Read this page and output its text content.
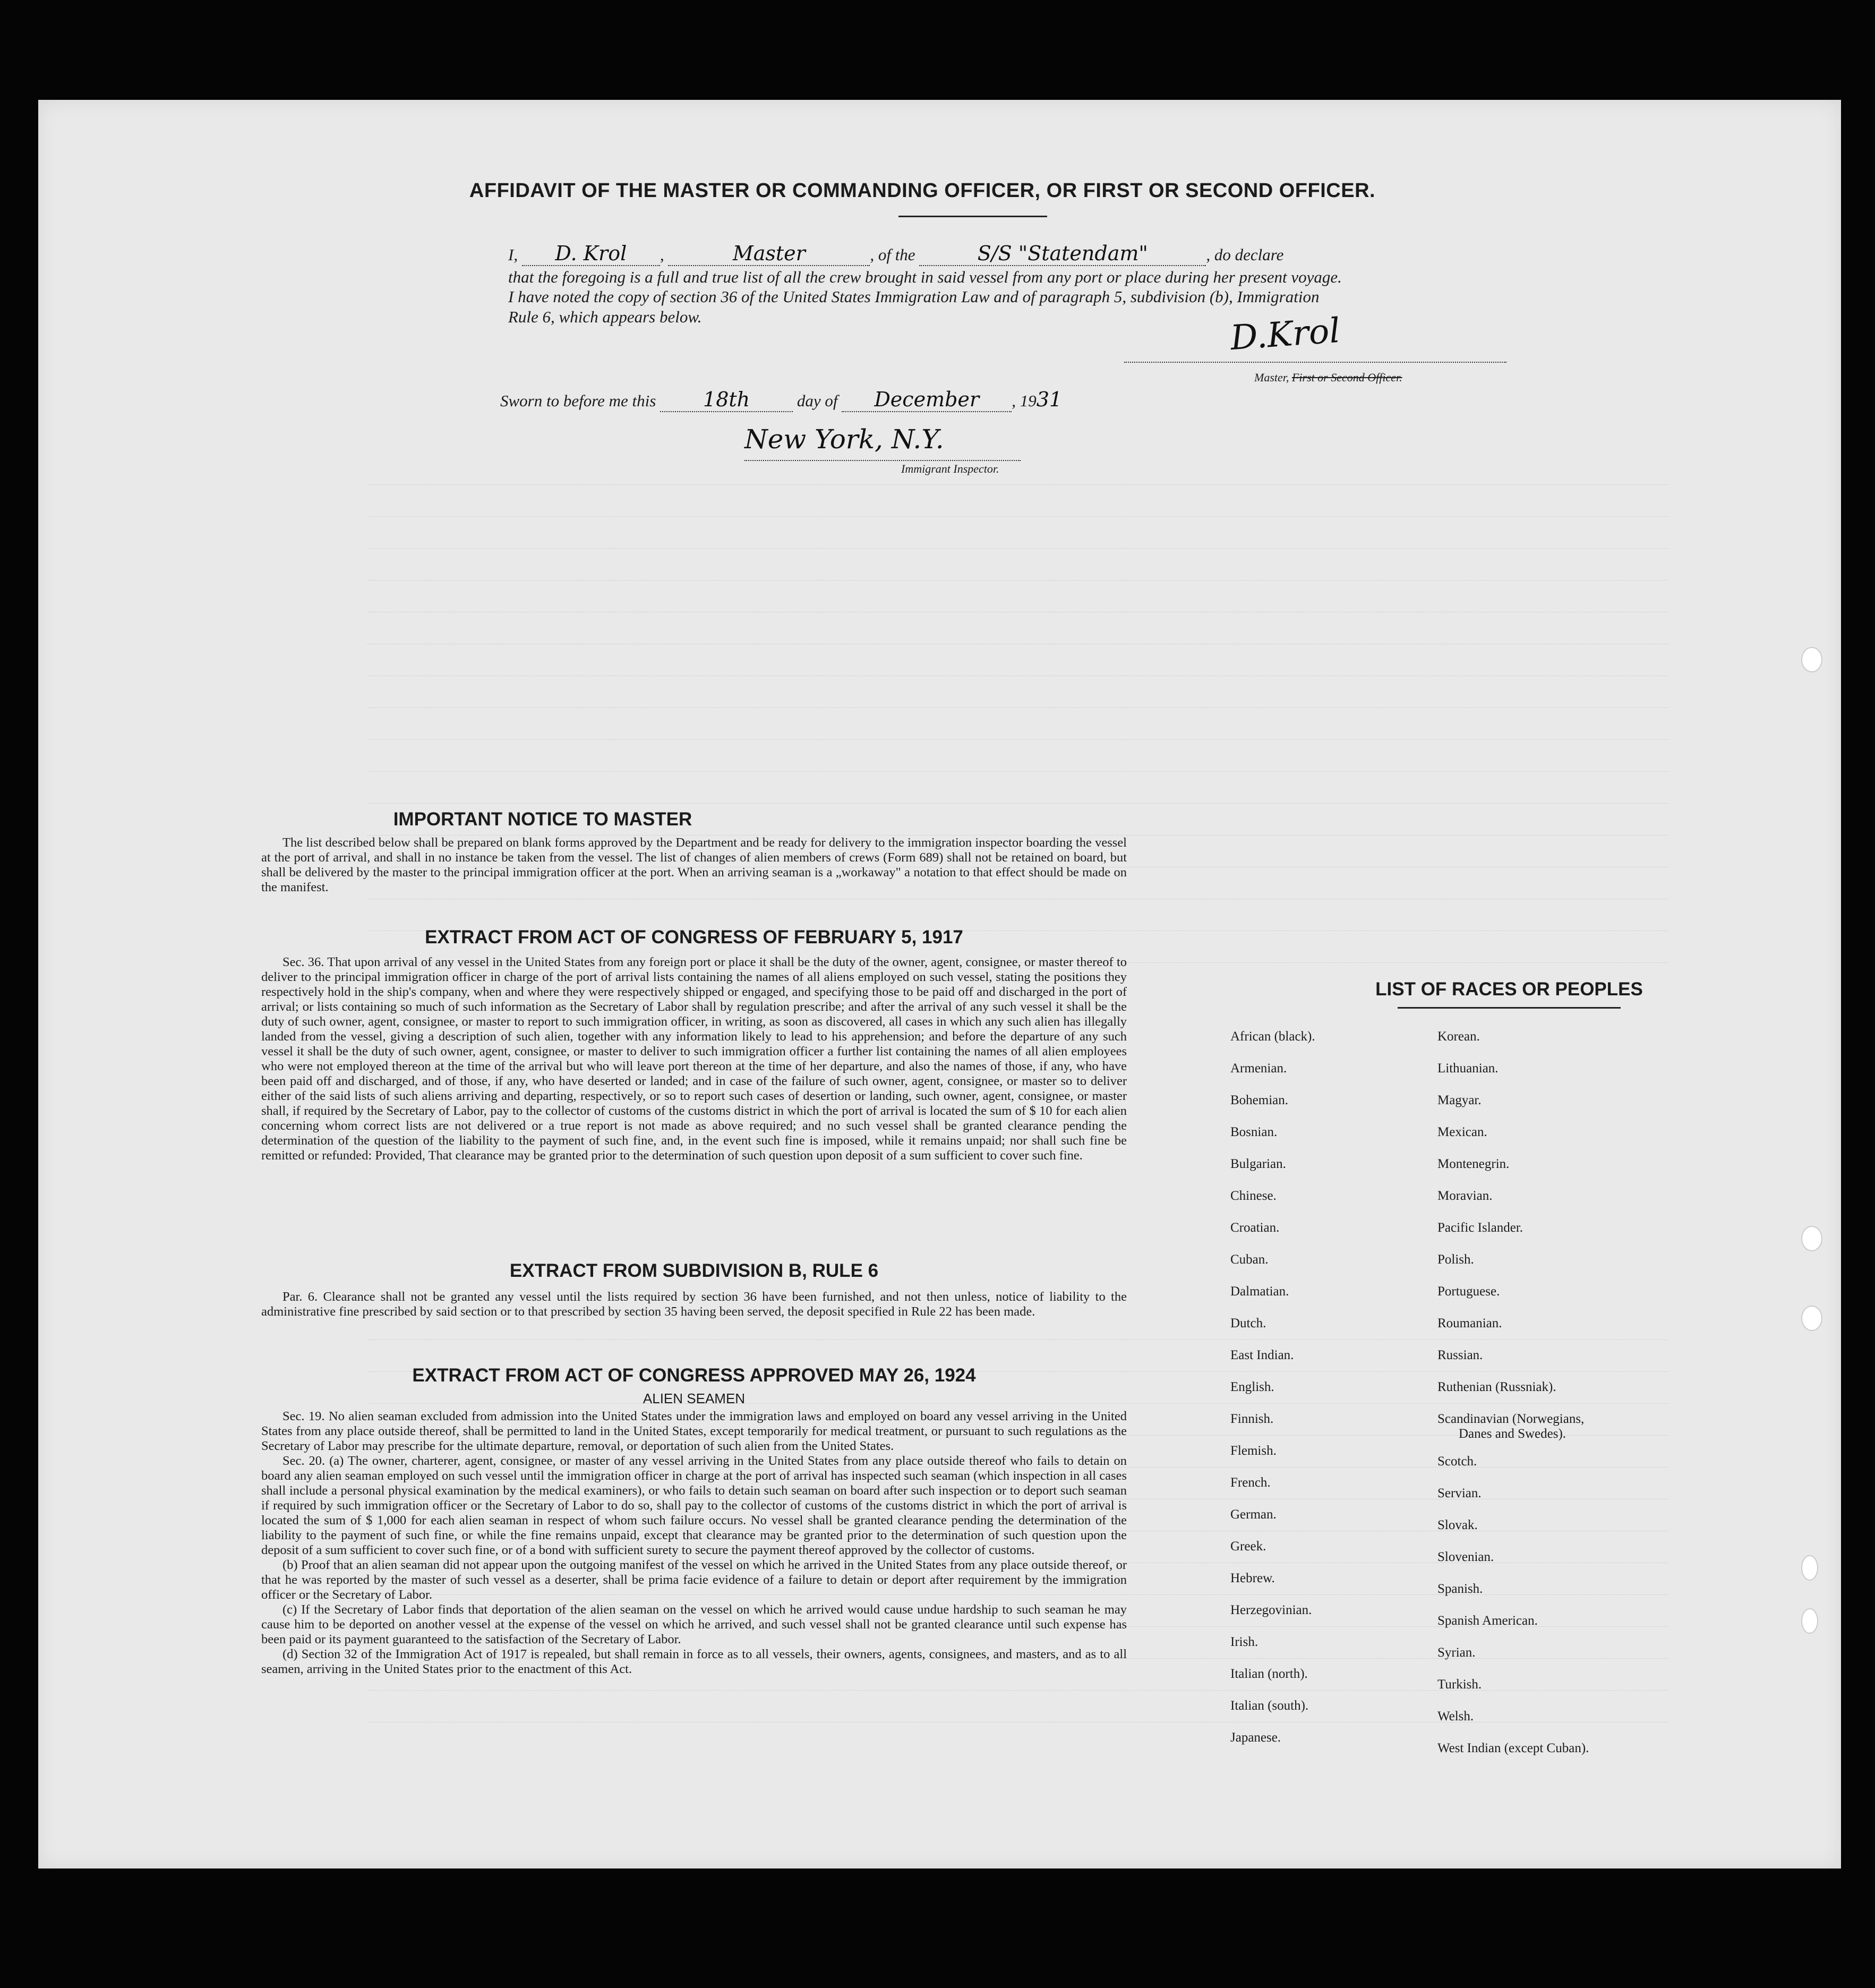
AFFIDAVIT OF THE MASTER OR COMMANDING OFFICER, OR FIRST OR SECOND OFFICER.
I, D. Krol ,	Master	, of the	S/S "Statendam"	, do declare
that the foregoing is a full and true list of all the crew brought in said vessel from any port or place during her present voyage.
I have noted the copy of section 36 of the United States Immigration Law and of paragraph 5, subdivision (b), Immigration
Rule 6, which appears below.	D.Krol
Master, First or Second Officer.
Sworn to before me this 18th	day of December , 1931
New York, N.Y.
Immigrant Inspector.
IMPORTANT NOTICE TO MASTER

The list described below shall be prepared on blank forms approved by the Department and be ready for delivery to the immigration inspector boarding the vessel at the port of arrival, and shall in no instance be taken from the vessel. The list of changes of alien members of crews (Form 689) shall not be retained on board, but shall be delivered by the master to the principal immigration officer at the port. When an arriving seaman is a „workaway" a notation to that effect should be made on the manifest.

EXTRACT FROM ACT OF CONGRESS OF FEBRUARY 5, 1917

Sec. 36. That upon arrival of any vessel in the United States from any foreign port or place it shall be the duty of the owner, agent, consignee, or master thereof to deliver to the principal immigration officer in charge of the port of arrival lists containing the names of all aliens employed on such vessel, stating the positions they respectively hold in the ship's company, when and where they were respectively shipped or engaged, and specifying those to be paid off and discharged in the port of arrival; or lists containing so much of such information as the Secretary of Labor shall by regulation prescribe; and after the arrival of any such vessel it shall be the duty of such owner, agent, consignee, or master to report to such immigration officer, in writing, as soon as discovered, all cases in which any such alien has illegally landed from the vessel, giving a description of such alien, together with any information likely to lead to his apprehension; and before the departure of any such vessel it shall be the duty of such owner, agent, consignee, or master to deliver to such immigration officer a further list containing the names of all alien employees who were not employed thereon at the time of the arrival but who will leave port thereon at the time of her departure, and also the names of those, if any, who have been paid off and discharged, and of those, if any, who have deserted or landed; and in case of the failure of such owner, agent, consignee, or master so to deliver either of the said lists of such aliens arriving and departing, respectively, or so to report such cases of desertion or landing, such owner, agent, consignee, or master shall, if required by the Secretary of Labor, pay to the collector of customs of the customs district in which the port of arrival is located the sum of $ 10 for each alien concerning whom correct lists are not delivered or a true report is not made as above required; and no such vessel shall be granted clearance pending the determination of the question of the liability to the payment of such fine, and, in the event such fine is imposed, while it remains unpaid; nor shall such fine be remitted or refunded: Provided, That clearance may be granted prior to the determination of such question upon deposit of a sum sufficient to cover such fine.

EXTRACT FROM SUBDIVISION B, RULE 6

Par. 6. Clearance shall not be granted any vessel until the lists required by section 36 have been furnished, and not then unless, notice of liability to the administrative fine prescribed by said section or to that prescribed by section 35 having been served, the deposit specified in Rule 22 has been made.

EXTRACT FROM ACT OF CONGRESS APPROVED MAY 26, 1924
ALIEN SEAMEN

Sec. 19. No alien seaman excluded from admission into the United States under the immigration laws and employed on board any vessel arriving in the United States from any place outside thereof, shall be permitted to land in the United States, except temporarily for medical treatment, or pursuant to such regulations as the Secretary of Labor may prescribe for the ultimate departure, removal, or deportation of such alien from the United States.

Sec. 20. (a) The owner, charterer, agent, consignee, or master of any vessel arriving in the United States from any place outside thereof who fails to detain on board any alien seaman employed on such vessel until the immigration officer in charge at the port of arrival has inspected such seaman (which inspection in all cases shall include a personal physical examination by the medical examiners), or who fails to detain such seaman on board after such inspection or to deport such seaman if required by such immigration officer or the Secretary of Labor to do so, shall pay to the collector of customs of the customs district in which the port of arrival is located the sum of $ 1,000 for each alien seaman in respect of whom such failure occurs. No vessel shall be granted clearance pending the determination of the liability to the payment of such fine, or while the fine remains unpaid, except that clearance may be granted prior to the determination of such question upon the deposit of a sum sufficient to cover such fine, or of a bond with sufficient surety to secure the payment thereof approved by the collector of customs.

(b) Proof that an alien seaman did not appear upon the outgoing manifest of the vessel on which he arrived in the United States from any place outside thereof, or that he was reported by the master of such vessel as a deserter, shall be prima facie evidence of a failure to detain or deport after requirement by the immigration officer or the Secretary of Labor.

(c) If the Secretary of Labor finds that deportation of the alien seaman on the vessel on which he arrived would cause undue hardship to such seaman he may cause him to be deported on another vessel at the expense of the vessel on which he arrived, and such vessel shall not be granted clearance until such expense has been paid or its payment guaranteed to the satisfaction of the Secretary of Labor.

(d) Section 32 of the Immigration Act of 1917 is repealed, but shall remain in force as to all vessels, their owners, agents, consignees, and masters, and as to all seamen, arriving in the United States prior to the enactment of this Act.

LIST OF RACES OR PEOPLES
African (black).
Armenian.
Bohemian.
Bosnian.
Bulgarian.
Chinese.
Croatian.
Cuban.
Dalmatian.
Dutch.
East Indian.
English.
Finnish.
Flemish.
French.
German.
Greek.
Hebrew.
Herzegovinian.
Irish.
Italian (north).
Italian (south).
Japanese.
Korean.
Lithuanian.
Magyar.
Mexican.
Montenegrin.
Moravian.
Pacific Islander.
Polish.
Portuguese.
Roumanian.
Russian.
Ruthenian (Russniak).
Scandinavian (Norwegians,
Danes and Swedes).
Scotch.
Servian.
Slovak.
Slovenian.
Spanish.
Spanish American.
Syrian.
Turkish.
Welsh.
West Indian (except Cuban).
